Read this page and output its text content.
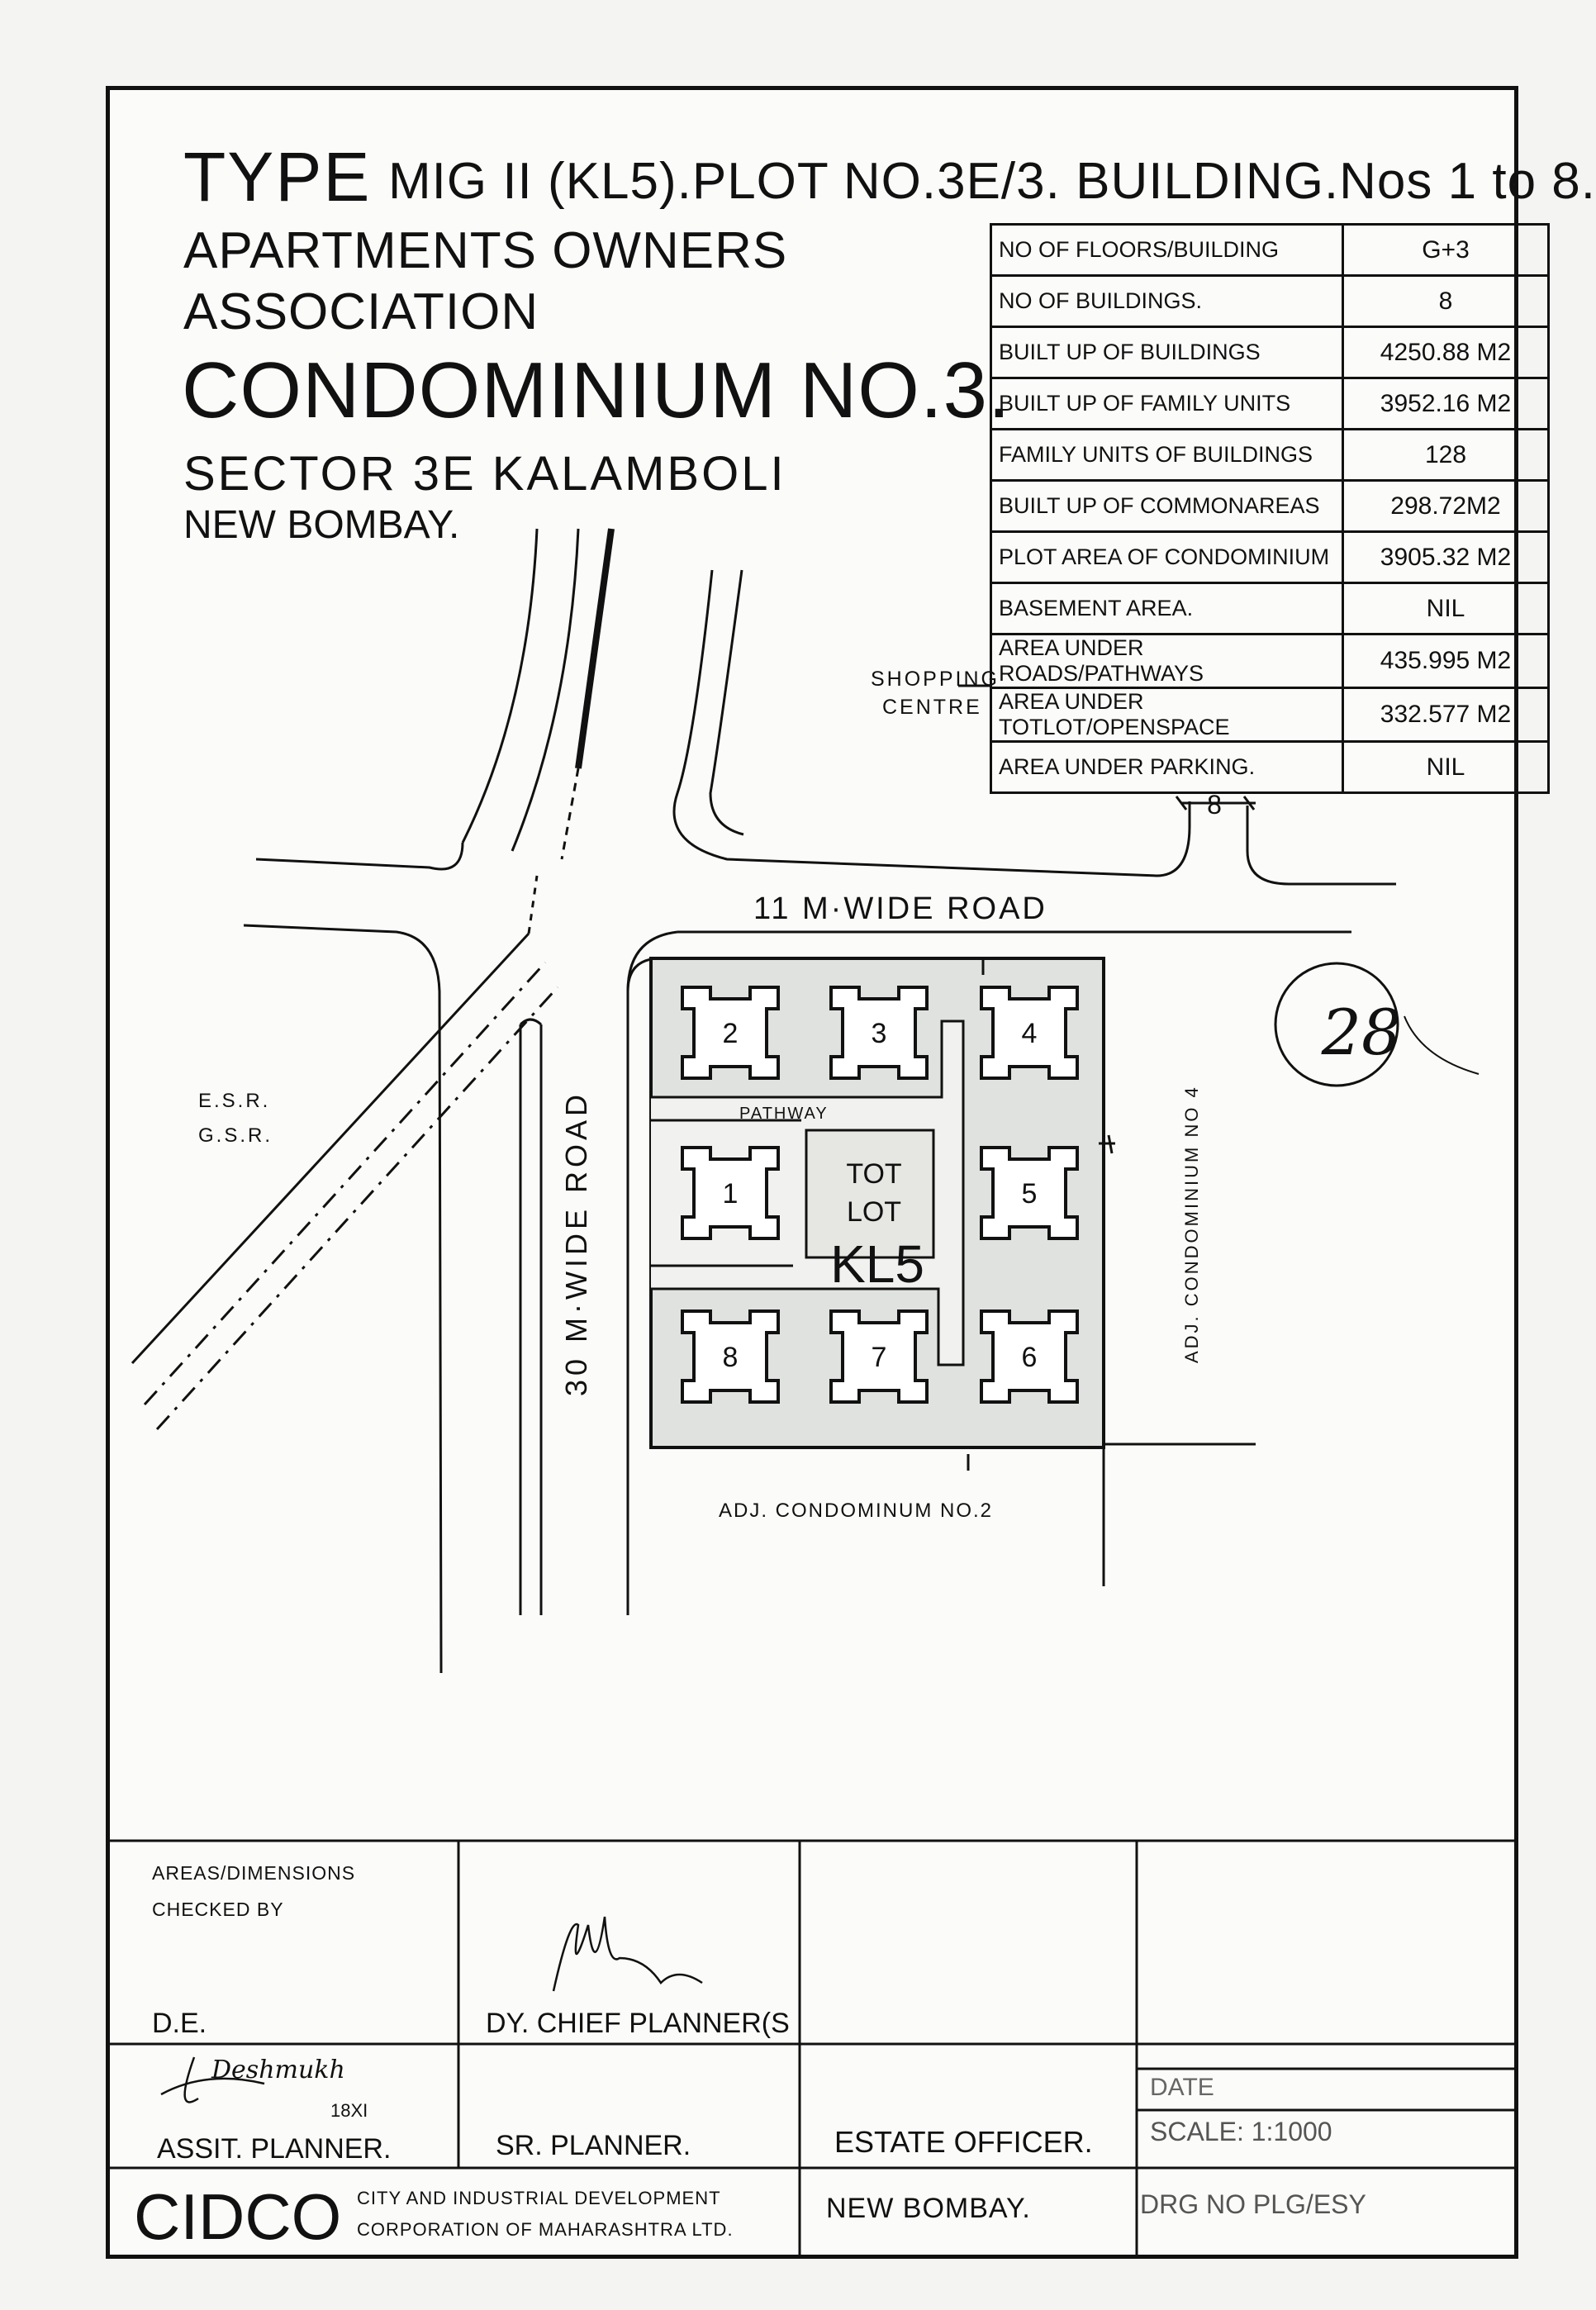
TYPE MIG II (KL5).PLOT NO.3E/3. BUILDING.Nos 1 to 8.
APARTMENTS OWNERS
ASSOCIATION
CONDOMINIUM NO.3.
SECTOR 3E KALAMBOLI
NEW BOMBAY.
NO OF FLOORS/BUILDING	G+3
NO OF BUILDINGS.	8
BUILT UP OF BUILDINGS	4250.88 M2
BUILT UP OF FAMILY UNITS	3952.16 M2
FAMILY UNITS OF BUILDINGS	128
BUILT UP OF COMMONAREAS	298.72M2
PLOT AREA OF CONDOMINIUM	3905.32 M2
BASEMENT AREA.	NIL
AREA UNDER ROADS/PATHWAYS	435.995 M2
AREA UNDER TOTLOT/OPENSPACE	332.577 M2
AREA UNDER PARKING.	NIL
2	3	4
1	5
8	7	6
SHOPPING
CENTRE
8
11 M·WIDE ROAD
E.S.R.
G.S.R.
PATHWAY
TOT
LOT
KL5
ADJ. CONDOMINUM NO.2
28
30 M·WIDE ROAD	ADJ. CONDOMINIUM NO 4
AREAS/DIMENSIONS
CHECKED BY
D.E.	DY. CHIEF PLANNER(S
Deshmukh
18XI
ASSIT. PLANNER.	SR. PLANNER.	ESTATE OFFICER.
DATE
SCALE: 1:1000
CIDCO CITY AND INDUSTRIAL DEVELOPMENT
CORPORATION OF MAHARASHTRA LTD.
NEW BOMBAY.	DRG NO PLG/ESY
